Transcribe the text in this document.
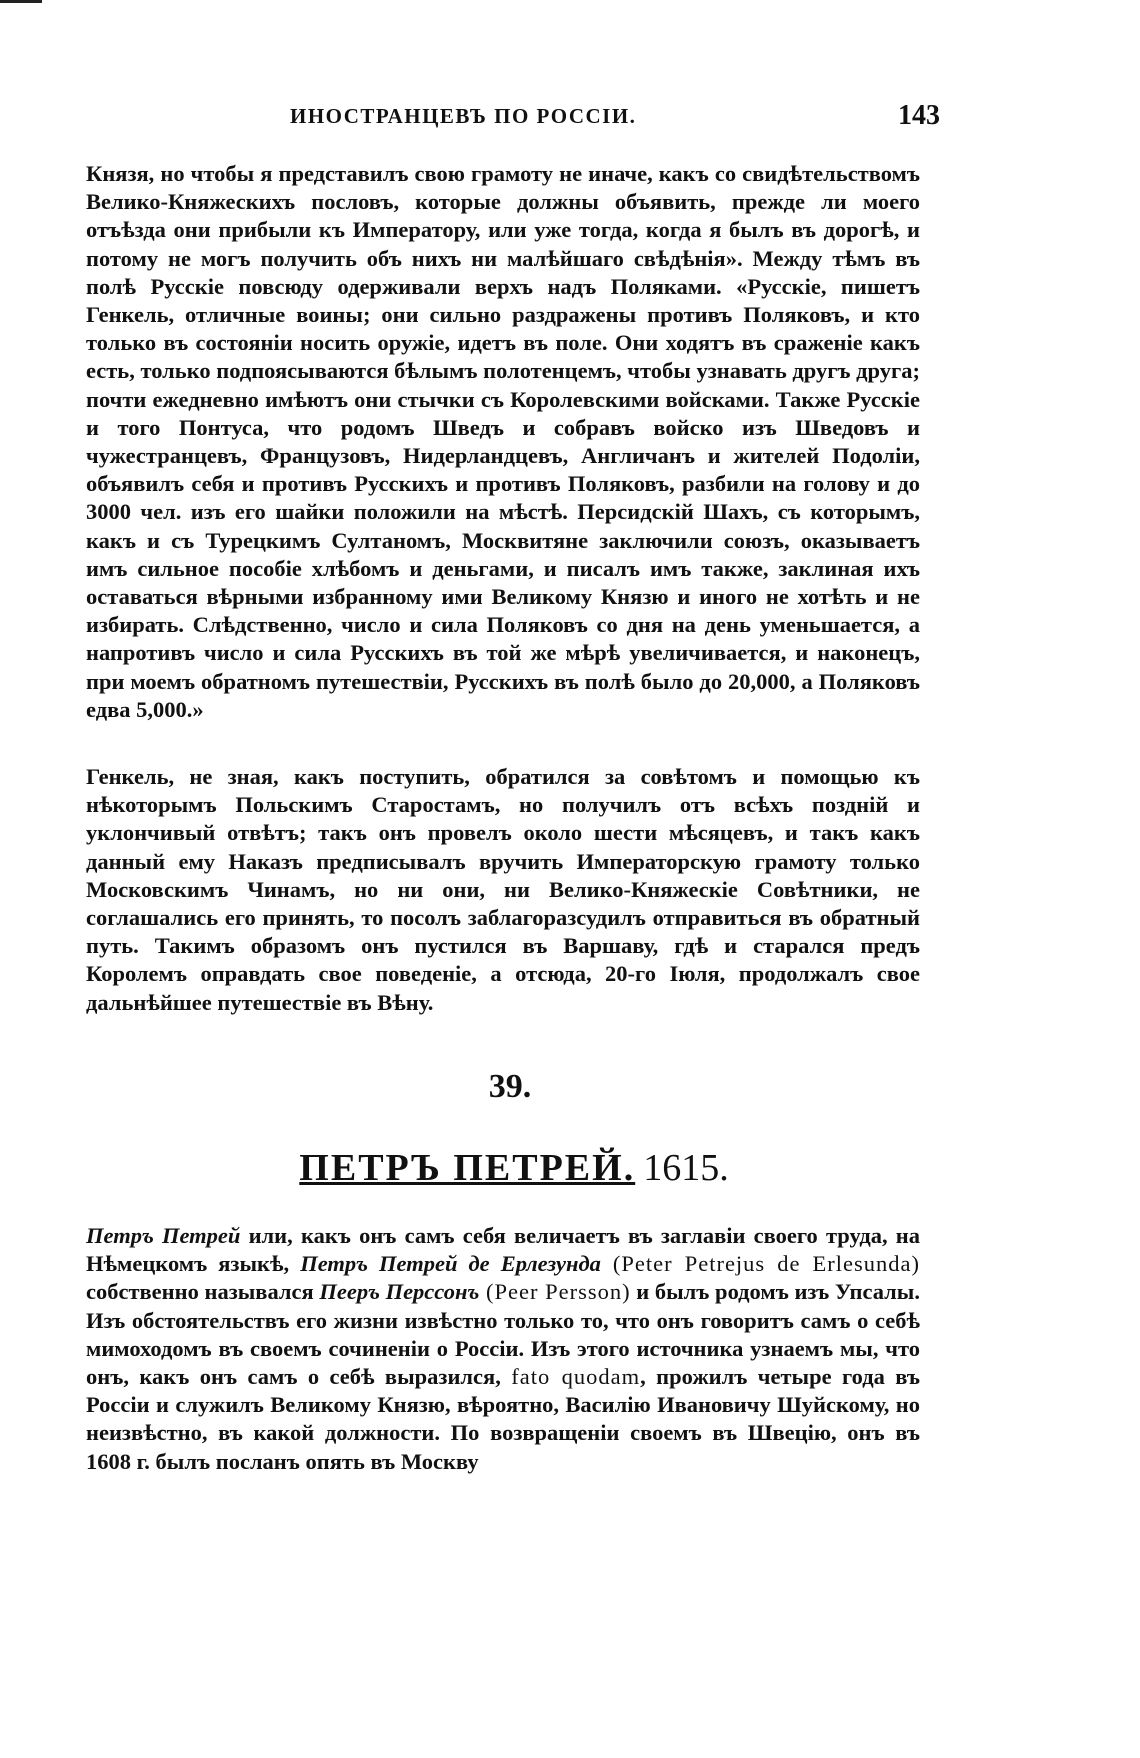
ИНОСТРАНЦЕВЪ ПО РОССІИ.	143

Князя, но чтобы я представилъ свою грамоту не иначе, какъ со свидѣтельствомъ Велико-Княжескихъ пословъ, которые должны объявить, прежде ли моего отъѣзда они прибыли къ Императору, или уже тогда, когда я былъ въ дорогѣ, и потому не могъ получить объ нихъ ни малѣйшаго свѣдѣнія». Между тѣмъ въ полѣ Русскіе повсюду одерживали верхъ надъ Поляками. «Русскіе, пишетъ Генкель, отличные воины; они сильно раздражены противъ Поляковъ, и кто только въ состояніи носить оружіе, идетъ въ поле. Они ходятъ въ сраженіе какъ есть, только подпоясываются бѣлымъ полотенцемъ, чтобы узнавать другъ друга; почти ежедневно имѣютъ они стычки съ Королевскими войсками. Также Русскіе и того Понтуса, что родомъ Шведъ и собравъ войско изъ Шведовъ и чужестранцевъ, Французовъ, Нидерландцевъ, Англичанъ и жителей Подоліи, объявилъ себя и противъ Русскихъ и противъ Поляковъ, разбили на голову и до 3000 чел. изъ его шайки положили на мѣстѣ. Персидскій Шахъ, съ которымъ, какъ и съ Турецкимъ Султаномъ, Москвитяне заключили союзъ, оказываетъ имъ сильное пособіе хлѣбомъ и деньгами, и писалъ имъ также, заклиная ихъ оставаться вѣрными избранному ими Великому Князю и иного не хотѣть и не избирать. Слѣдственно, число и сила Поляковъ со дня на день уменьшается, а напротивъ число и сила Русскихъ въ той же мѣрѣ увеличивается, и наконецъ, при моемъ обратномъ путешествіи, Русскихъ въ полѣ было до 20,000, а Поляковъ едва 5,000.»

Генкель, не зная, какъ поступить, обратился за совѣтомъ и помощью къ нѣкоторымъ Польскимъ Старостамъ, но получилъ отъ всѣхъ поздній и уклончивый отвѣтъ; такъ онъ провелъ около шести мѣсяцевъ, и такъ какъ данный ему Наказъ предписывалъ вручить Императорскую грамоту только Московскимъ Чинамъ, но ни они, ни Велико-Княжескіе Совѣтники, не соглашались его принять, то посолъ заблагоразсудилъ отправиться въ обратный путь. Такимъ образомъ онъ пустился въ Варшаву, гдѣ и старался предъ Королемъ оправдать свое поведеніе, а отсюда, 20-го Іюля, продолжалъ свое дальнѣйшее путешествіе въ Вѣну.

39.
ПЕТРЪ ПЕТРЕЙ. 1615.

Петръ Петрей или, какъ онъ самъ себя величаетъ въ заглавіи своего труда, на Нѣмецкомъ языкѣ, Петръ Петрей де Ерлезунда (Peter Petrejus de Erlesunda) собственно назывался Пееръ Перссонъ (Peer Persson) и былъ родомъ изъ Упсалы. Изъ обстоятельствъ его жизни извѣстно только то, что онъ говоритъ самъ о себѣ мимоходомъ въ своемъ сочиненіи о Россіи. Изъ этого источника узнаемъ мы, что онъ, какъ онъ самъ о себѣ выразился, fato quodam, прожилъ четыре года въ Россіи и служилъ Великому Князю, вѣроятно, Василію Ивановичу Шуйскому, но неизвѣстно, въ какой должности. По возвращеніи своемъ въ Швецію, онъ въ 1608 г. былъ посланъ опять въ Москву
